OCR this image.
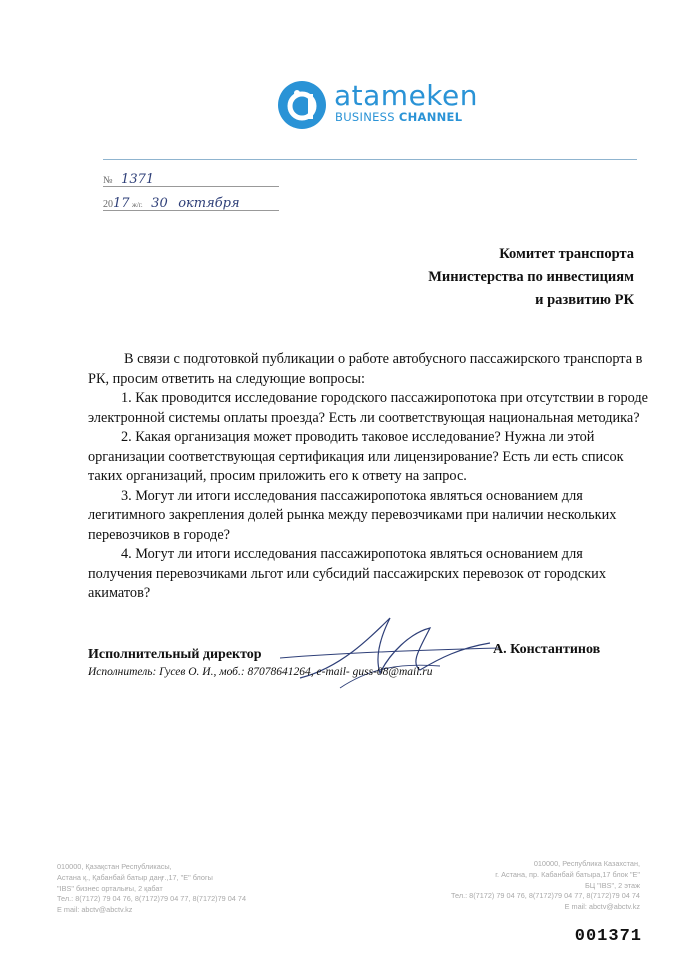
atameken
BUSINESS CHANNEL
№ 1371
2017 ж/г. 30 октября
Комитет транспорта
Министерства по инвестициям
и развитию РК

В связи с подготовкой публикации о работе автобусного пассажирского транспорта в РК, просим ответить на следующие вопросы:

1. Как проводится исследование городского пассажиропотока при отсутствии в городе электронной системы оплаты проезда? Есть ли соответствующая национальная методика?

2. Какая организация может проводить таковое исследование? Нужна ли этой организации соответствующая сертификация или лицензирование? Есть ли есть список таких организаций, просим приложить его к ответу на запрос.

3. Могут ли итоги исследования пассажиропотока являться основанием для легитимного закрепления долей рынка между перевозчиками при наличии нескольких перевозчиков в городе?

4. Могут ли итоги исследования пассажиропотока являться основанием для получения перевозчиками льгот или субсидий пассажирских перевозок от городских акиматов?

Исполнительный директор	А. Константинов
Исполнитель: Гусев О. И., моб.: 87078641264, e-mail- guss-08@mail.ru
010000, Қазақстан Республикасы,
Астана қ., Қабанбай батыр даңғ.,17, "Е" блогы
"IBS" бизнес орталығы, 2 қабат
Тел.: 8(7172) 79 04 76, 8(7172)79 04 77, 8(7172)79 04 74
E mail: abctv@abctv.kz
010000, Республика Казахстан,
г. Астана, пр. Кабанбай батыра,17 блок "Е"
БЦ "IBS", 2 этаж
Тел.: 8(7172) 79 04 76, 8(7172)79 04 77, 8(7172)79 04 74
E mail: abctv@abctv.kz
001371
